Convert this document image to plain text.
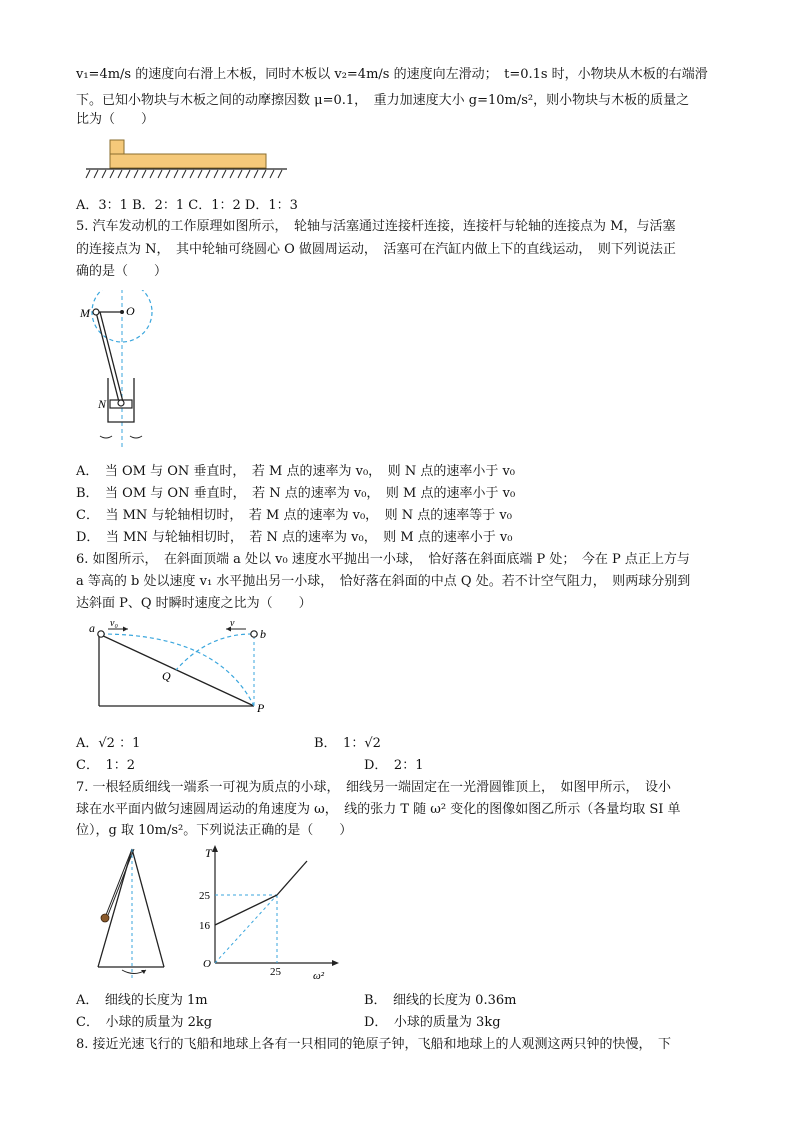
v₁=4m/s 的速度向右滑上木板，同时木板以 v₂=4m/s 的速度向左滑动；　t=0.1s 时，小物块从木板的右端滑
下。已知小物块与木板之间的动摩擦因数 μ=0.1，　重力加速度大小 g=10m/s²，则小物块与木板的质量之
比为（　　）
A．3：1 B．2：1 C．1：2 D．1：3
5. 汽车发动机的工作原理如图所示，　轮轴与活塞通过连接杆连接，连接杆与轮轴的连接点为 M，与活塞
的连接点为 N，　其中轮轴可绕圆心 O 做圆周运动，　活塞可在汽缸内做上下的直线运动，　则下列说法正
确的是（　　）
M	O
N
A．　当 OM 与 ON 垂直时，　若 M 点的速率为 v₀，　则 N 点的速率小于 v₀
B．　当 OM 与 ON 垂直时，　若 N 点的速率为 v₀，　则 M 点的速率小于 v₀
C．　当 MN 与轮轴相切时，　若 M 点的速率为 v₀，　则 N 点的速率等于 v₀
D．　当 MN 与轮轴相切时，　若 N 点的速率为 v₀，　则 M 点的速率小于 v₀
6. 如图所示，　在斜面顶端 a 处以 v₀ 速度水平抛出一小球，　恰好落在斜面底端 P 处；　今在 P 点正上方与
a 等高的 b 处以速度 v₁ 水平抛出另一小球，　恰好落在斜面的中点 Q 处。若不计空气阻力，　则两球分别到
达斜面 P、Q 时瞬时速度之比为（　　）
a	b
v₀	v
Q
P
A．√2 ：1	B．　1：√2
C．　1：2	D．　2：1
7. 一根轻质细线一端系一可视为质点的小球，　细线另一端固定在一光滑圆锥顶上，　如图甲所示，　设小
球在水平面内做匀速圆周运动的角速度为 ω，　线的张力 T 随 ω² 变化的图像如图乙所示（各量均取 SI 单
位），g 取 10m/s²。下列说法正确的是（　　）
T
ω²
O
25
16
25
A．　细线的长度为 1m	B．　细线的长度为 0.36m
C．　小球的质量为 2kg	D．　小球的质量为 3kg
8. 接近光速飞行的飞船和地球上各有一只相同的铯原子钟，飞船和地球上的人观测这两只钟的快慢，　下
